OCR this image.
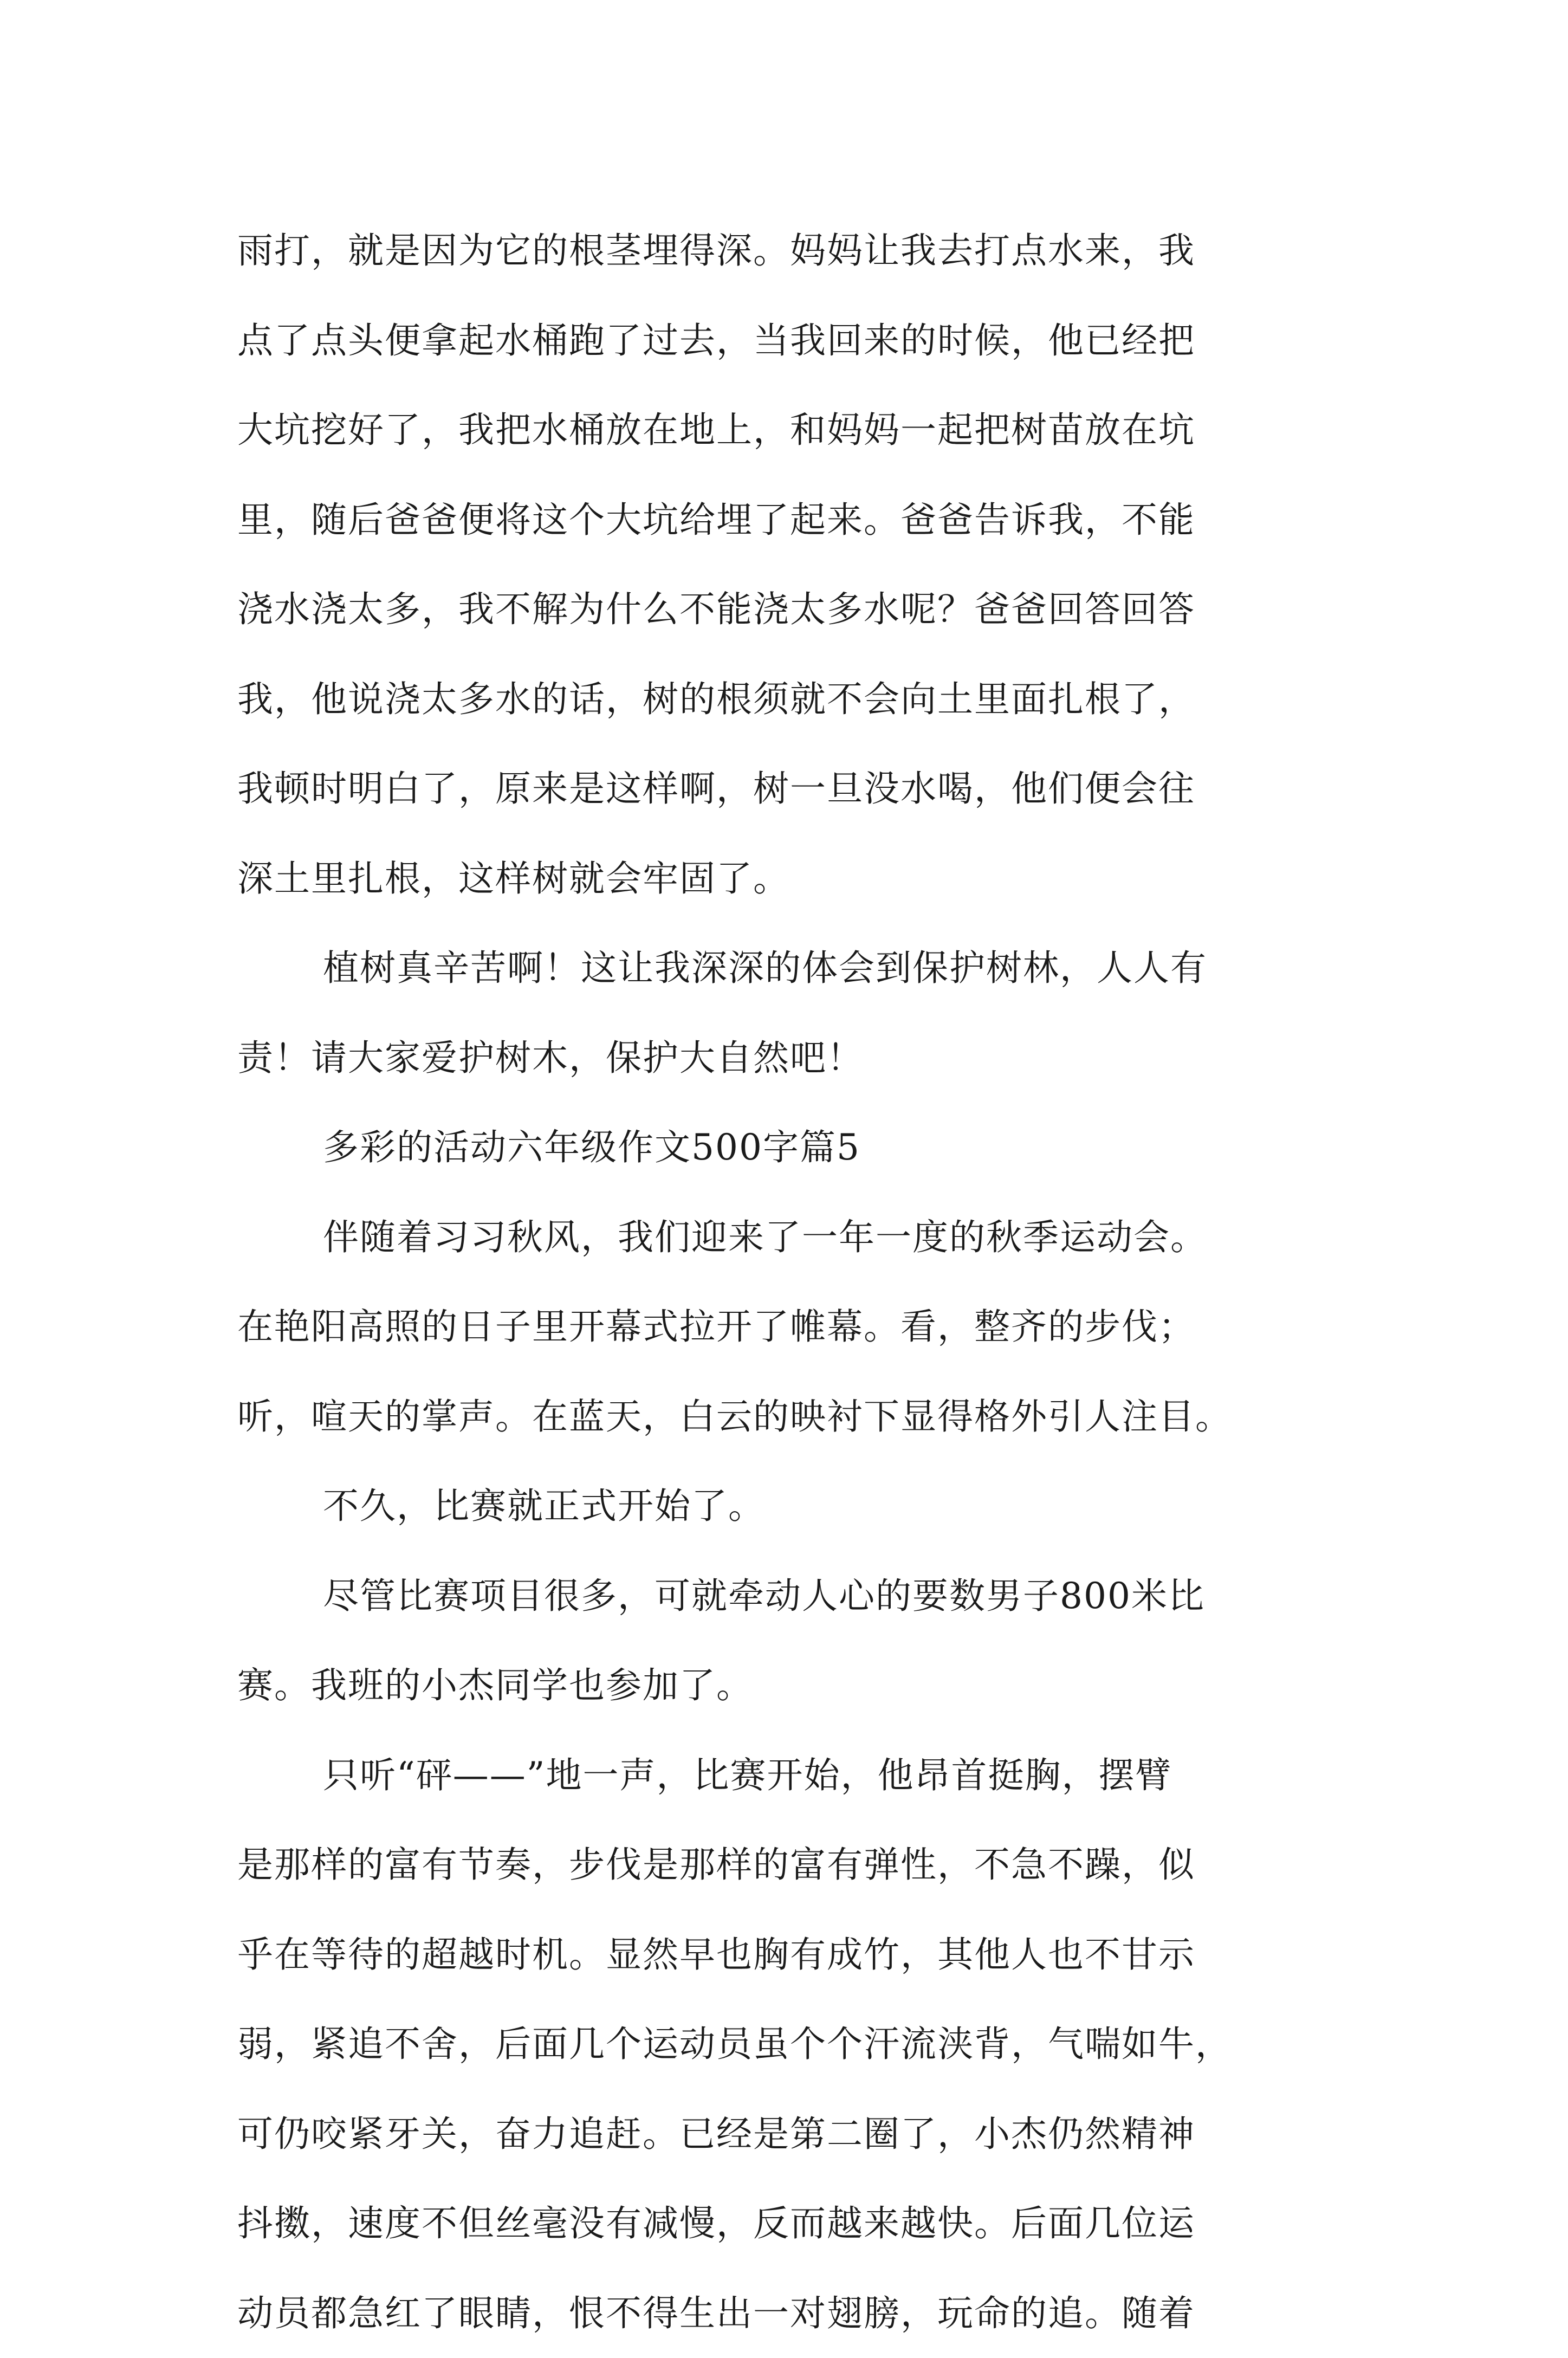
雨打，就是因为它的根茎埋得深。妈妈让我去打点水来，我
点了点头便拿起水桶跑了过去，当我回来的时候，他已经把
大坑挖好了，我把水桶放在地上，和妈妈一起把树苗放在坑
里，随后爸爸便将这个大坑给埋了起来。爸爸告诉我，不能
浇水浇太多，我不解为什么不能浇太多水呢？爸爸回答回答
我，他说浇太多水的话，树的根须就不会向土里面扎根了，
我顿时明白了，原来是这样啊，树一旦没水喝，他们便会往
深土里扎根，这样树就会牢固了。
植树真辛苦啊！这让我深深的体会到保护树林，人人有
责！请大家爱护树木，保护大自然吧！
多彩的活动六年级作文500字篇5
伴随着习习秋风，我们迎来了一年一度的秋季运动会。
在艳阳高照的日子里开幕式拉开了帷幕。看，整齐的步伐；
听，喧天的掌声。在蓝天，白云的映衬下显得格外引人注目。
不久，比赛就正式开始了。
尽管比赛项目很多，可就牵动人心的要数男子800米比
赛。我班的小杰同学也参加了。
只听“砰——”地一声，比赛开始，他昂首挺胸，摆臂
是那样的富有节奏，步伐是那样的富有弹性，不急不躁，似
乎在等待的超越时机。显然早也胸有成竹，其他人也不甘示
弱，紧追不舍，后面几个运动员虽个个汗流浃背，气喘如牛，
可仍咬紧牙关，奋力追赶。已经是第二圈了，小杰仍然精神
抖擞，速度不但丝毫没有减慢，反而越来越快。后面几位运
动员都急红了眼睛，恨不得生出一对翅膀，玩命的追。随着
